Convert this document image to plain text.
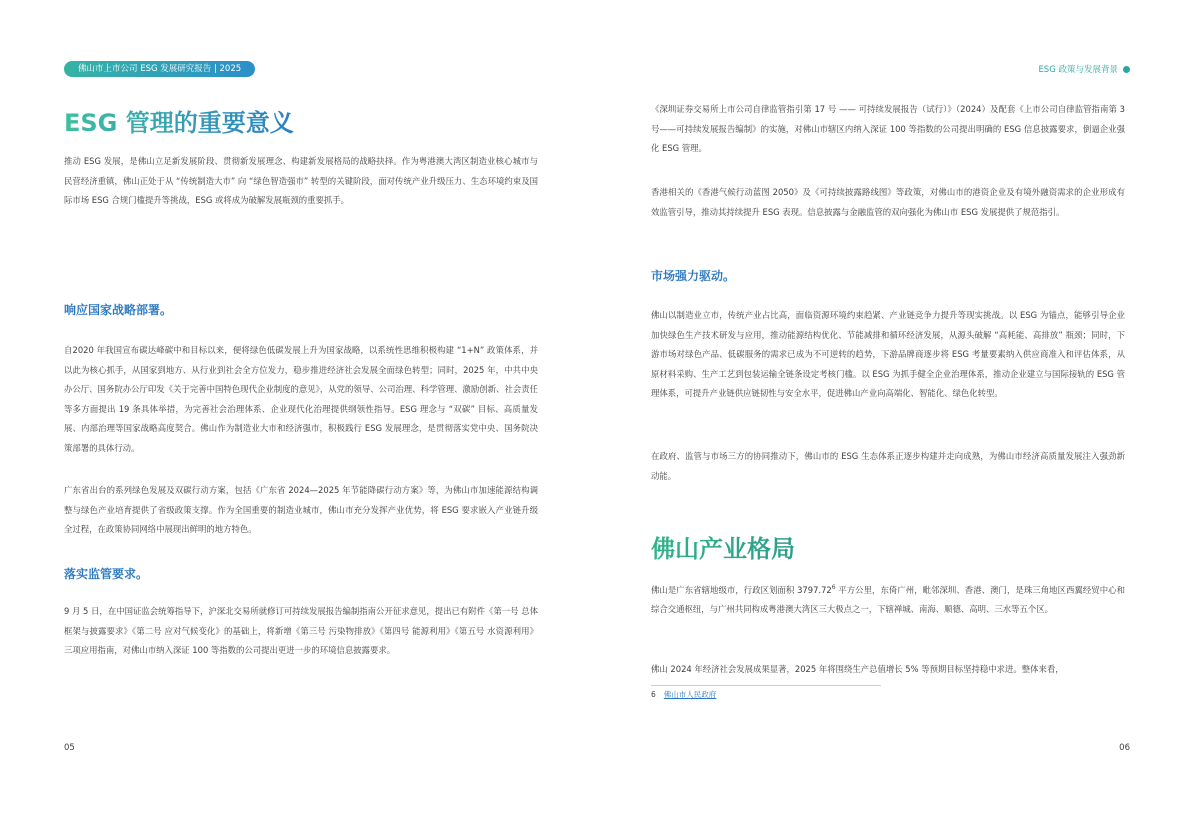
佛山市上市公司 ESG 发展研究报告 | 2025
ESG 管理的重要意义

推动 ESG 发展，是佛山立足新发展阶段、贯彻新发展理念、构建新发展格局的战略抉择。作为粤港澳大湾区制造业核心城市与民营经济重镇，佛山正处于从 “传统制造大市” 向 “绿色智造强市” 转型的关键阶段，面对传统产业升级压力、生态环境约束及国际市场 ESG 合规门槛提升等挑战，ESG 或将成为破解发展瓶颈的重要抓手。

响应国家战略部署。

自2020 年我国宣布碳达峰碳中和目标以来，便将绿色低碳发展上升为国家战略，以系统性思维积极构建 “1+N” 政策体系，并以此为核心抓手，从国家到地方、从行业到社会全方位发力，稳步推进经济社会发展全面绿色转型；同时，2025 年，中共中央办公厅、国务院办公厅印发《关于完善中国特色现代企业制度的意见》，从党的领导、公司治理、科学管理、激励创新、社会责任等多方面提出 19 条具体举措，为完善社会治理体系、企业现代化治理提供纲领性指导。ESG 理念与 “双碳” 目标、高质量发展、内部治理等国家战略高度契合。佛山作为制造业大市和经济强市，积极践行 ESG 发展理念，是贯彻落实党中央、国务院决策部署的具体行动。

广东省出台的系列绿色发展及双碳行动方案，包括《广东省 2024—2025 年节能降碳行动方案》等，为佛山市加速能源结构调整与绿色产业培育提供了省级政策支撑。作为全国重要的制造业城市，佛山市充分发挥产业优势，将 ESG 要求嵌入产业链升级全过程，在政策协同网络中展现出鲜明的地方特色。

落实监管要求。

9 月 5 日，在中国证监会统筹指导下，沪深北交易所就修订可持续发展报告编制指南公开征求意见，提出已有附件《第一号 总体框架与披露要求》《第二号 应对气候变化》的基础上，将新增《第三号 污染物排放》《第四号 能源利用》《第五号 水资源利用》三项应用指南，对佛山市纳入深证 100 等指数的公司提出更进一步的环境信息披露要求。

05
ESG 政策与发展背景

《深圳证券交易所上市公司自律监管指引第 17 号 —— 可持续发展报告（试行）》（2024）及配套《上市公司自律监管指南第 3 号——可持续发展报告编制》的实施，对佛山市辖区内纳入深证 100 等指数的公司提出明确的 ESG 信息披露要求，倒逼企业强化 ESG 管理。

香港相关的《香港气候行动蓝图 2050》及《可持续披露路线图》等政策，对佛山市的港资企业及有境外融资需求的企业形成有效监管引导，推动其持续提升 ESG 表现。信息披露与金融监管的双向强化为佛山市 ESG 发展提供了规范指引。

市场强力驱动。

佛山以制造业立市，传统产业占比高，面临资源环境约束趋紧、产业链竞争力提升等现实挑战。以 ESG 为锚点，能够引导企业加快绿色生产技术研发与应用，推动能源结构优化、节能减排和循环经济发展，从源头破解 “高耗能、高排放” 瓶颈；同时，下游市场对绿色产品、低碳服务的需求已成为不可逆转的趋势，下游品牌商逐步将 ESG 考量要素纳入供应商准入和评估体系，从原材料采购、生产工艺到包装运输全链条设定考核门槛。以 ESG 为抓手健全企业治理体系，推动企业建立与国际接轨的 ESG 管理体系，可提升产业链供应链韧性与安全水平，促进佛山产业向高端化、智能化、绿色化转型。

在政府、监管与市场三方的协同推动下，佛山市的 ESG 生态体系正逐步构建并走向成熟，为佛山市经济高质量发展注入强劲新动能。

佛山产业格局

佛山是广东省辖地级市，行政区划面积 3797.72$^6$ 平方公里，东倚广州，毗邻深圳、香港、澳门，是珠三角地区西翼经贸中心和综合交通枢纽，与广州共同构成粤港澳大湾区三大极点之一，下辖禅城、南海、顺德、高明、三水等五个区。

佛山 2024 年经济社会发展成果显著，2025 年将围绕生产总值增长 5% 等预期目标坚持稳中求进。整体来看，

6 佛山市人民政府
06
